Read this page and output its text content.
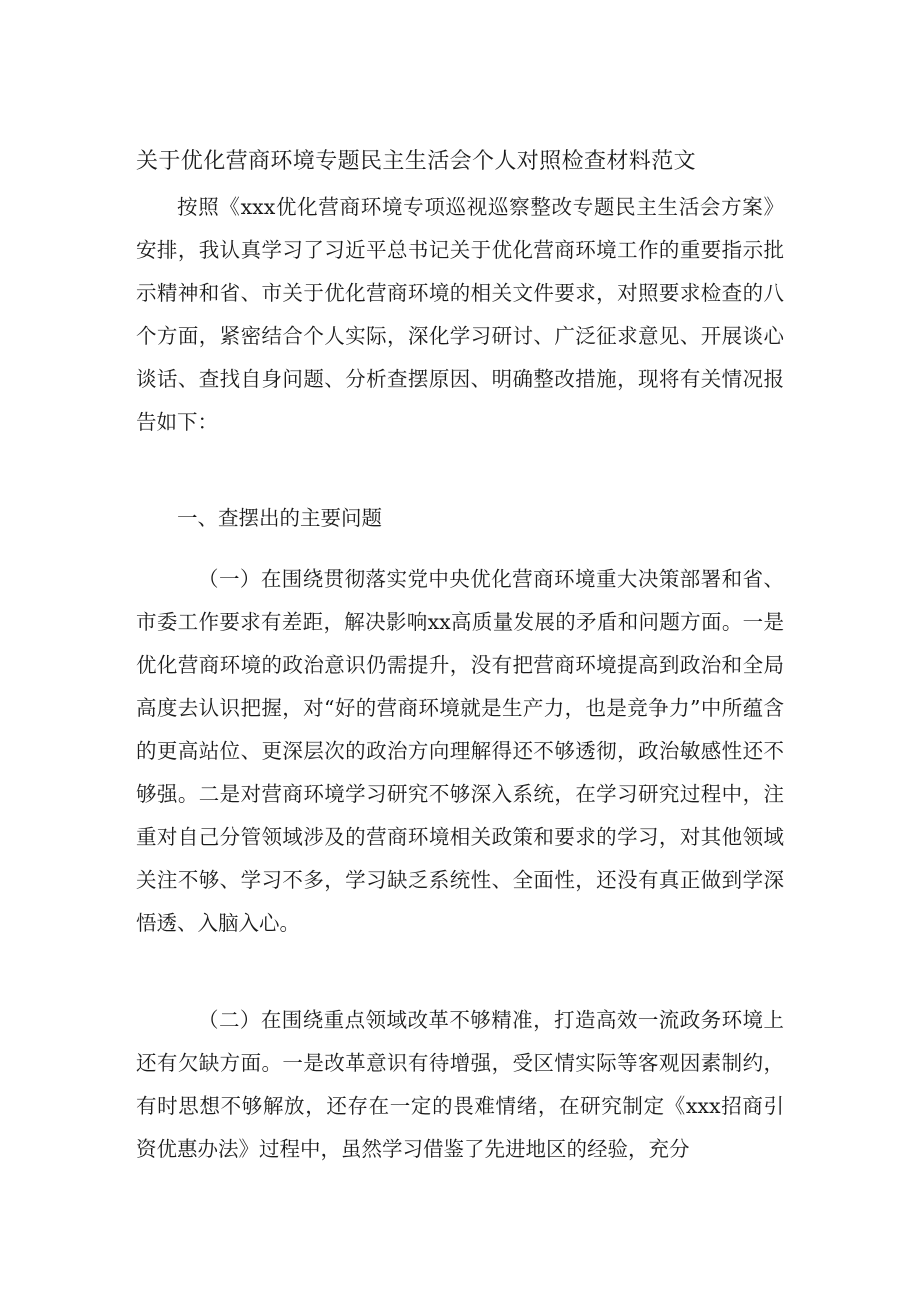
关于优化营商环境专题民主生活会个人对照检查材料范文

按照《xxx优化营商环境专项巡视巡察整改专题民主生活会方案》安排，我认真学习了习近平总书记关于优化营商环境工作的重要指示批示精神和省、市关于优化营商环境的相关文件要求，对照要求检查的八个方面，紧密结合个人实际，深化学习研讨、广泛征求意见、开展谈心谈话、查找自身问题、分析查摆原因、明确整改措施，现将有关情况报告如下：

一、查摆出的主要问题

（一）在围绕贯彻落实党中央优化营商环境重大决策部署和省、市委工作要求有差距，解决影响xx高质量发展的矛盾和问题方面。一是优化营商环境的政治意识仍需提升，没有把营商环境提高到政治和全局高度去认识把握，对“好的营商环境就是生产力，也是竞争力”中所蕴含的更高站位、更深层次的政治方向理解得还不够透彻，政治敏感性还不够强。二是对营商环境学习研究不够深入系统，在学习研究过程中，注重对自己分管领域涉及的营商环境相关政策和要求的学习，对其他领域关注不够、学习不多，学习缺乏系统性、全面性，还没有真正做到学深悟透、入脑入心。

（二）在围绕重点领域改革不够精准，打造高效一流政务环境上还有欠缺方面。一是改革意识有待增强，受区情实际等客观因素制约，有时思想不够解放，还存在一定的畏难情绪，在研究制定《xxx招商引资优惠办法》过程中，虽然学习借鉴了先进地区的经验，充分
